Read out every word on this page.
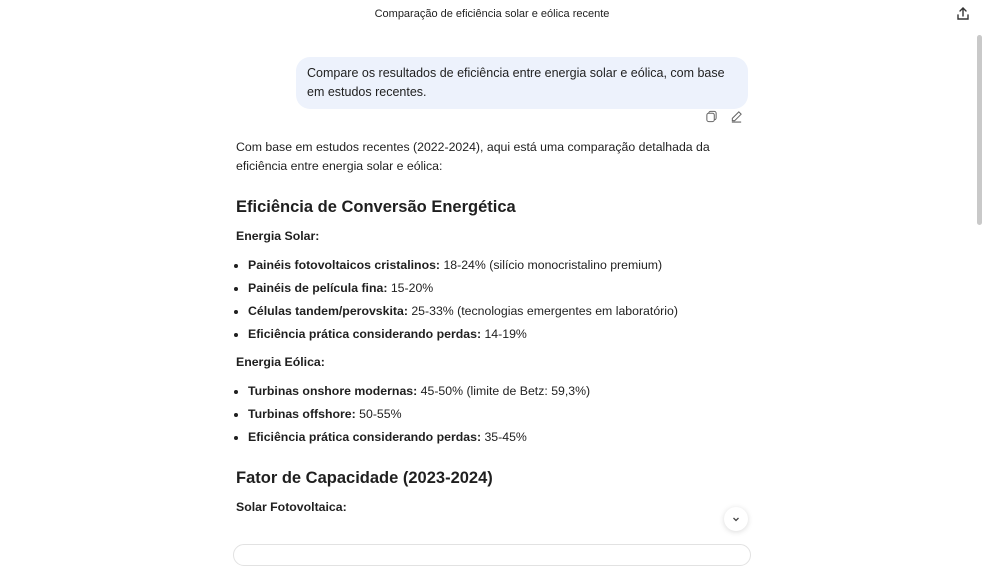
Comparação de eficiência solar e eólica recente
Compare os resultados de eficiência entre energia solar e eólica, com base em estudos recentes.

Com base em estudos recentes (2022-2024), aqui está uma comparação detalhada da eficiência entre energia solar e eólica:

Eficiência de Conversão Energética
Energia Solar:
• Painéis fotovoltaicos cristalinos: 18-24% (silício monocristalino premium)
• Painéis de película fina: 15-20%
• Células tandem/perovskita: 25-33% (tecnologias emergentes em laboratório)
• Eficiência prática considerando perdas: 14-19%
Energia Eólica:
• Turbinas onshore modernas: 45-50% (limite de Betz: 59,3%)
• Turbinas offshore: 50-55%
• Eficiência prática considerando perdas: 35-45%
Fator de Capacidade (2023-2024)
Solar Fotovoltaica:
